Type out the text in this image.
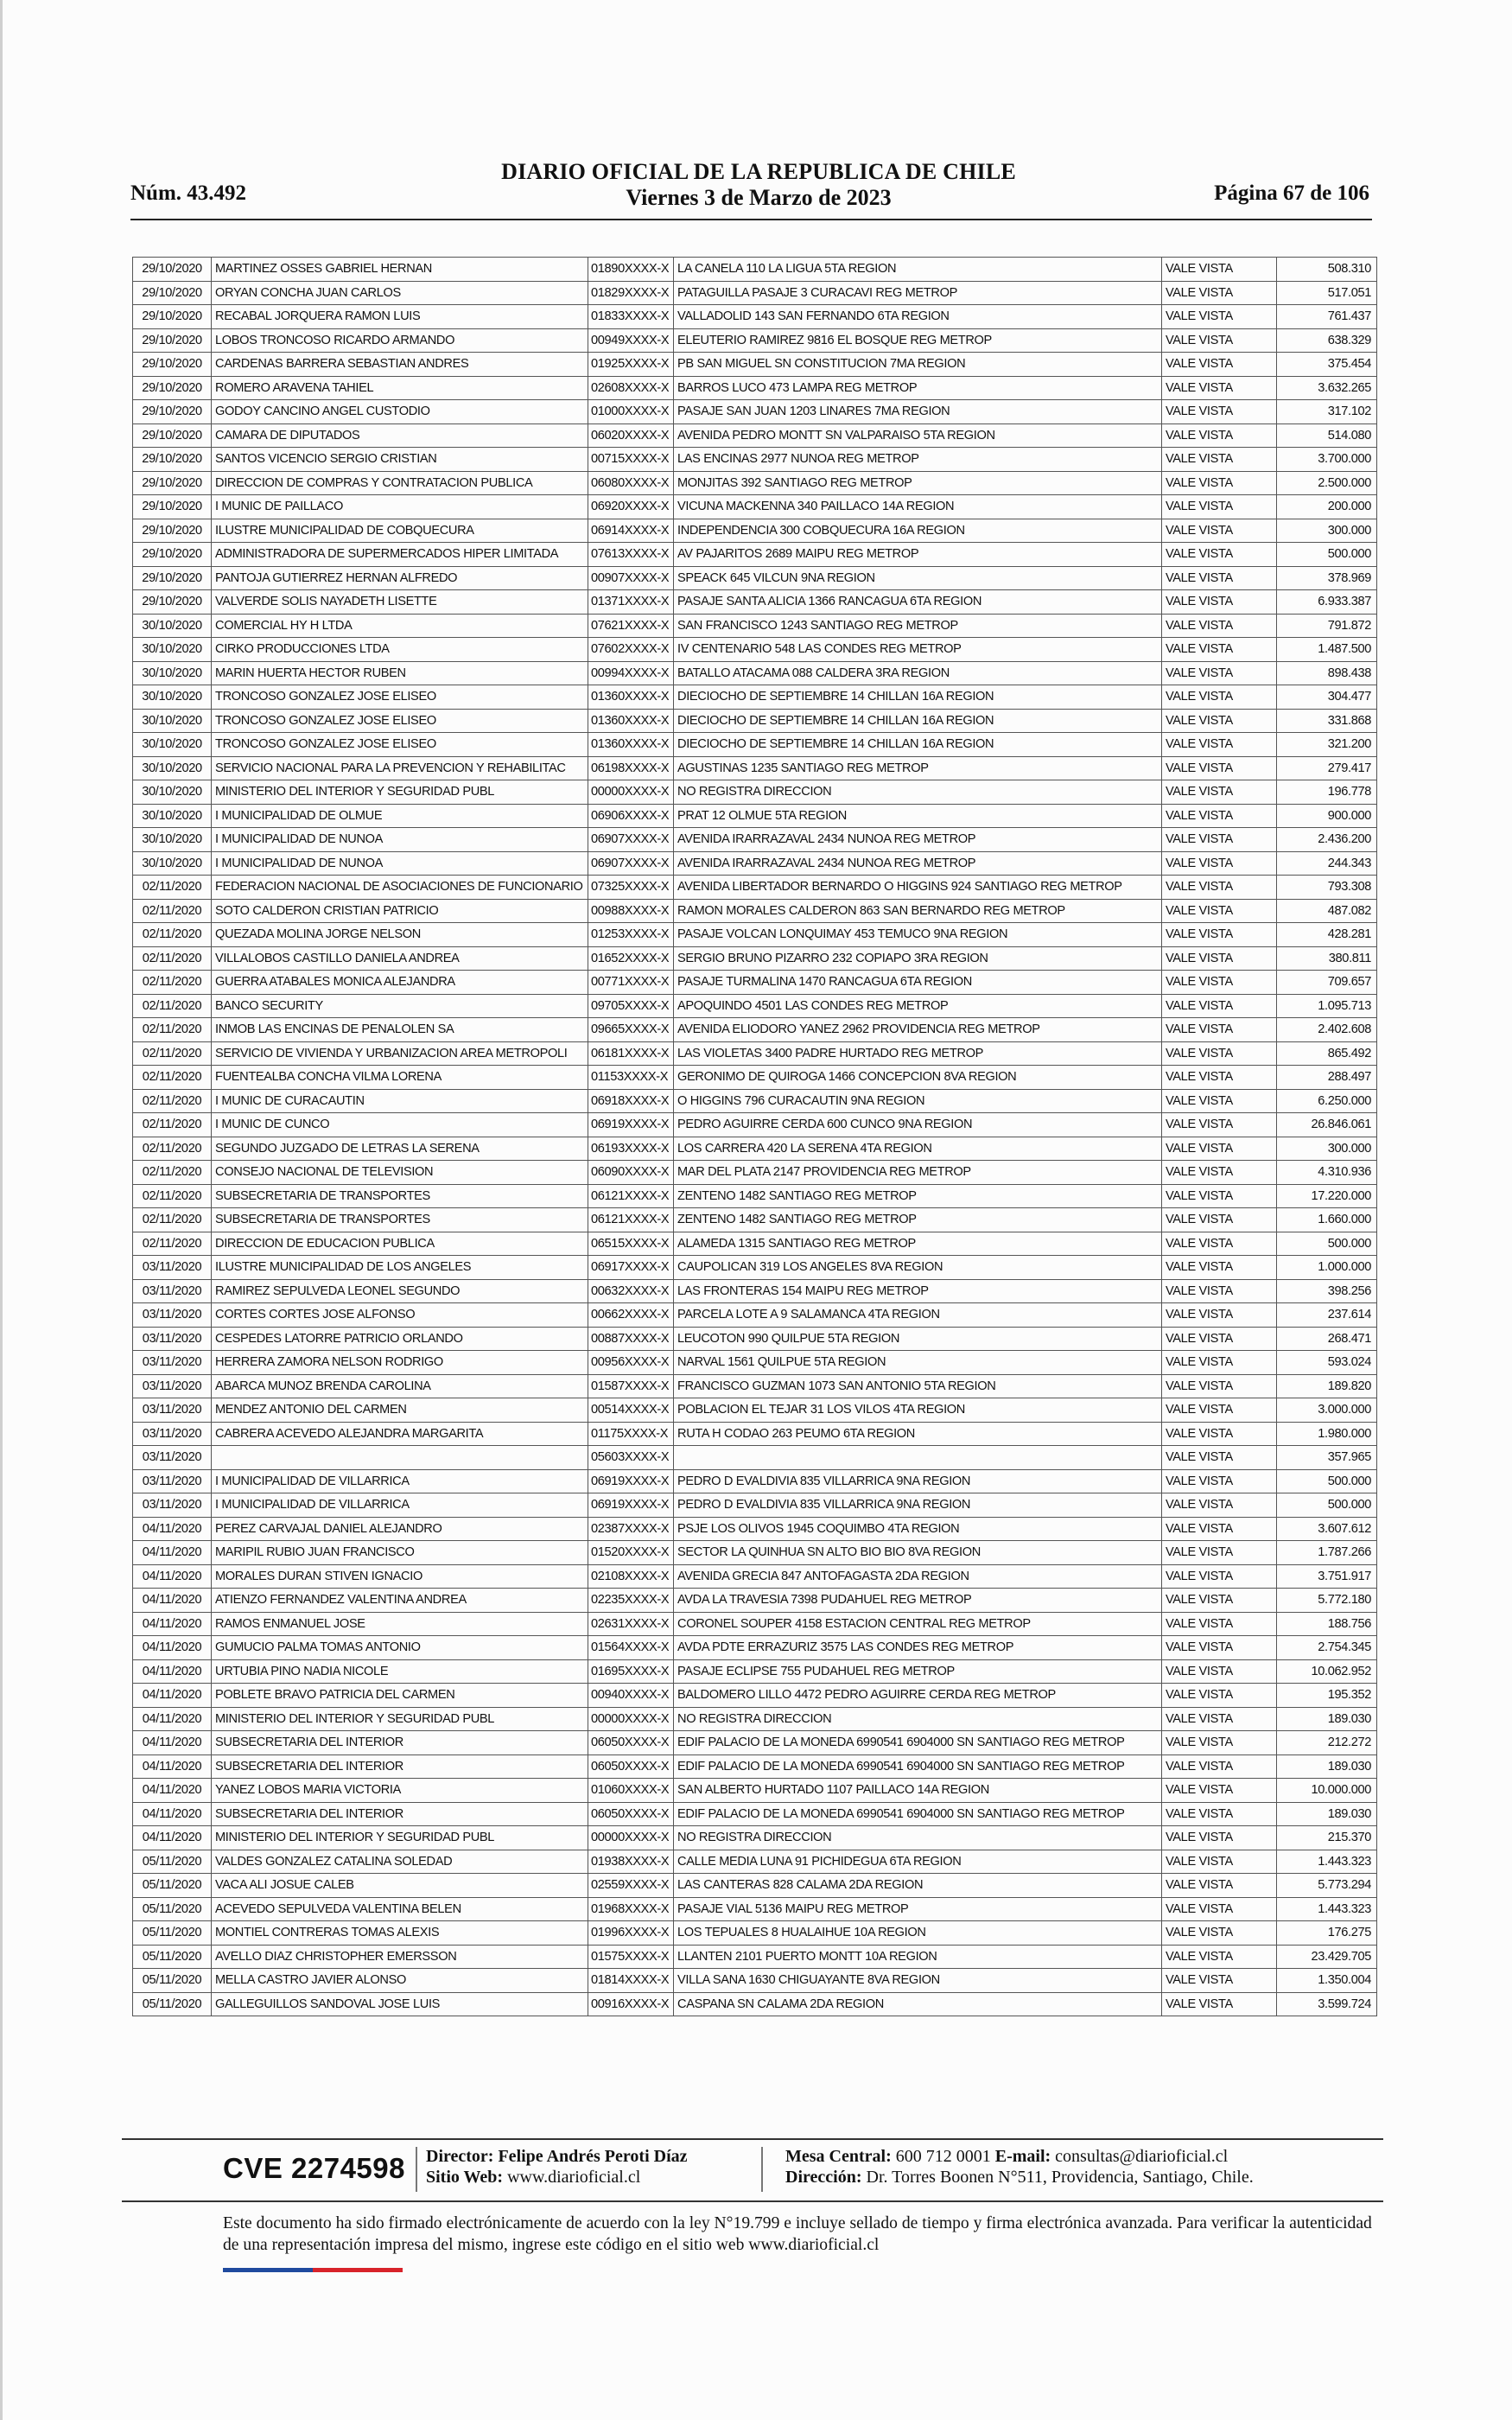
Núm. 43.492
DIARIO OFICIAL DE LA REPUBLICA DE CHILE
Viernes 3 de Marzo de 2023	Página 67 de 106
29/10/2020	MARTINEZ OSSES GABRIEL HERNAN	01890XXXX-X	LA CANELA 110 LA LIGUA 5TA REGION	VALE VISTA	508.310
29/10/2020	ORYAN CONCHA JUAN CARLOS	01829XXXX-X	PATAGUILLA PASAJE 3 CURACAVI REG METROP	VALE VISTA	517.051
29/10/2020	RECABAL JORQUERA RAMON LUIS	01833XXXX-X	VALLADOLID 143 SAN FERNANDO 6TA REGION	VALE VISTA	761.437
29/10/2020	LOBOS TRONCOSO RICARDO ARMANDO	00949XXXX-X	ELEUTERIO RAMIREZ 9816 EL BOSQUE REG METROP	VALE VISTA	638.329
29/10/2020	CARDENAS BARRERA SEBASTIAN ANDRES	01925XXXX-X	PB SAN MIGUEL SN CONSTITUCION 7MA REGION	VALE VISTA	375.454
29/10/2020	ROMERO ARAVENA TAHIEL	02608XXXX-X	BARROS LUCO 473 LAMPA REG METROP	VALE VISTA	3.632.265
29/10/2020	GODOY CANCINO ANGEL CUSTODIO	01000XXXX-X	PASAJE SAN JUAN 1203 LINARES 7MA REGION	VALE VISTA	317.102
29/10/2020	CAMARA DE DIPUTADOS	06020XXXX-X	AVENIDA PEDRO MONTT SN VALPARAISO 5TA REGION	VALE VISTA	514.080
29/10/2020	SANTOS VICENCIO SERGIO CRISTIAN	00715XXXX-X	LAS ENCINAS 2977 NUNOA REG METROP	VALE VISTA	3.700.000
29/10/2020	DIRECCION DE COMPRAS Y CONTRATACION PUBLICA	06080XXXX-X	MONJITAS 392 SANTIAGO REG METROP	VALE VISTA	2.500.000
29/10/2020	I MUNIC DE PAILLACO	06920XXXX-X	VICUNA MACKENNA 340 PAILLACO 14A REGION	VALE VISTA	200.000
29/10/2020	ILUSTRE MUNICIPALIDAD DE COBQUECURA	06914XXXX-X	INDEPENDENCIA 300 COBQUECURA 16A REGION	VALE VISTA	300.000
29/10/2020	ADMINISTRADORA DE SUPERMERCADOS HIPER LIMITADA	07613XXXX-X	AV PAJARITOS 2689 MAIPU REG METROP	VALE VISTA	500.000
29/10/2020	PANTOJA GUTIERREZ HERNAN ALFREDO	00907XXXX-X	SPEACK 645 VILCUN 9NA REGION	VALE VISTA	378.969
29/10/2020	VALVERDE SOLIS NAYADETH LISETTE	01371XXXX-X	PASAJE SANTA ALICIA 1366 RANCAGUA 6TA REGION	VALE VISTA	6.933.387
30/10/2020	COMERCIAL HY H LTDA	07621XXXX-X	SAN FRANCISCO 1243 SANTIAGO REG METROP	VALE VISTA	791.872
30/10/2020	CIRKO PRODUCCIONES LTDA	07602XXXX-X	IV CENTENARIO 548 LAS CONDES REG METROP	VALE VISTA	1.487.500
30/10/2020	MARIN HUERTA HECTOR RUBEN	00994XXXX-X	BATALLO ATACAMA 088 CALDERA 3RA REGION	VALE VISTA	898.438
30/10/2020	TRONCOSO GONZALEZ JOSE ELISEO	01360XXXX-X	DIECIOCHO DE SEPTIEMBRE 14 CHILLAN 16A REGION	VALE VISTA	304.477
30/10/2020	TRONCOSO GONZALEZ JOSE ELISEO	01360XXXX-X	DIECIOCHO DE SEPTIEMBRE 14 CHILLAN 16A REGION	VALE VISTA	331.868
30/10/2020	TRONCOSO GONZALEZ JOSE ELISEO	01360XXXX-X	DIECIOCHO DE SEPTIEMBRE 14 CHILLAN 16A REGION	VALE VISTA	321.200
30/10/2020	SERVICIO NACIONAL PARA LA PREVENCION Y REHABILITAC	06198XXXX-X	AGUSTINAS 1235 SANTIAGO REG METROP	VALE VISTA	279.417
30/10/2020	MINISTERIO DEL INTERIOR Y SEGURIDAD PUBL	00000XXXX-X	NO REGISTRA DIRECCION	VALE VISTA	196.778
30/10/2020	I MUNICIPALIDAD DE OLMUE	06906XXXX-X	PRAT 12 OLMUE 5TA REGION	VALE VISTA	900.000
30/10/2020	I MUNICIPALIDAD DE NUNOA	06907XXXX-X	AVENIDA IRARRAZAVAL 2434 NUNOA REG METROP	VALE VISTA	2.436.200
30/10/2020	I MUNICIPALIDAD DE NUNOA	06907XXXX-X	AVENIDA IRARRAZAVAL 2434 NUNOA REG METROP	VALE VISTA	244.343
02/11/2020	FEDERACION NACIONAL DE ASOCIACIONES DE FUNCIONARIO	07325XXXX-X	AVENIDA LIBERTADOR BERNARDO O HIGGINS 924 SANTIAGO REG METROP	VALE VISTA	793.308
02/11/2020	SOTO CALDERON CRISTIAN PATRICIO	00988XXXX-X	RAMON MORALES CALDERON 863 SAN BERNARDO REG METROP	VALE VISTA	487.082
02/11/2020	QUEZADA MOLINA JORGE NELSON	01253XXXX-X	PASAJE VOLCAN LONQUIMAY 453 TEMUCO 9NA REGION	VALE VISTA	428.281
02/11/2020	VILLALOBOS CASTILLO DANIELA ANDREA	01652XXXX-X	SERGIO BRUNO PIZARRO 232 COPIAPO 3RA REGION	VALE VISTA	380.811
02/11/2020	GUERRA ATABALES MONICA ALEJANDRA	00771XXXX-X	PASAJE TURMALINA 1470 RANCAGUA 6TA REGION	VALE VISTA	709.657
02/11/2020	BANCO SECURITY	09705XXXX-X	APOQUINDO 4501 LAS CONDES REG METROP	VALE VISTA	1.095.713
02/11/2020	INMOB LAS ENCINAS DE PENALOLEN SA	09665XXXX-X	AVENIDA ELIODORO YANEZ 2962 PROVIDENCIA REG METROP	VALE VISTA	2.402.608
02/11/2020	SERVICIO DE VIVIENDA Y URBANIZACION AREA METROPOLI	06181XXXX-X	LAS VIOLETAS 3400 PADRE HURTADO REG METROP	VALE VISTA	865.492
02/11/2020	FUENTEALBA CONCHA VILMA LORENA	01153XXXX-X	GERONIMO DE QUIROGA 1466 CONCEPCION 8VA REGION	VALE VISTA	288.497
02/11/2020	I MUNIC DE CURACAUTIN	06918XXXX-X	O HIGGINS 796 CURACAUTIN 9NA REGION	VALE VISTA	6.250.000
02/11/2020	I MUNIC DE CUNCO	06919XXXX-X	PEDRO AGUIRRE CERDA 600 CUNCO 9NA REGION	VALE VISTA	26.846.061
02/11/2020	SEGUNDO JUZGADO DE LETRAS LA SERENA	06193XXXX-X	LOS CARRERA 420 LA SERENA 4TA REGION	VALE VISTA	300.000
02/11/2020	CONSEJO NACIONAL DE TELEVISION	06090XXXX-X	MAR DEL PLATA 2147 PROVIDENCIA REG METROP	VALE VISTA	4.310.936
02/11/2020	SUBSECRETARIA DE TRANSPORTES	06121XXXX-X	ZENTENO 1482 SANTIAGO REG METROP	VALE VISTA	17.220.000
02/11/2020	SUBSECRETARIA DE TRANSPORTES	06121XXXX-X	ZENTENO 1482 SANTIAGO REG METROP	VALE VISTA	1.660.000
02/11/2020	DIRECCION DE EDUCACION PUBLICA	06515XXXX-X	ALAMEDA 1315 SANTIAGO REG METROP	VALE VISTA	500.000
03/11/2020	ILUSTRE MUNICIPALIDAD DE LOS ANGELES	06917XXXX-X	CAUPOLICAN 319 LOS ANGELES 8VA REGION	VALE VISTA	1.000.000
03/11/2020	RAMIREZ SEPULVEDA LEONEL SEGUNDO	00632XXXX-X	LAS FRONTERAS 154 MAIPU REG METROP	VALE VISTA	398.256
03/11/2020	CORTES CORTES JOSE ALFONSO	00662XXXX-X	PARCELA LOTE A 9 SALAMANCA 4TA REGION	VALE VISTA	237.614
03/11/2020	CESPEDES LATORRE PATRICIO ORLANDO	00887XXXX-X	LEUCOTON 990 QUILPUE 5TA REGION	VALE VISTA	268.471
03/11/2020	HERRERA ZAMORA NELSON RODRIGO	00956XXXX-X	NARVAL 1561 QUILPUE 5TA REGION	VALE VISTA	593.024
03/11/2020	ABARCA MUNOZ BRENDA CAROLINA	01587XXXX-X	FRANCISCO GUZMAN 1073 SAN ANTONIO 5TA REGION	VALE VISTA	189.820
03/11/2020	MENDEZ ANTONIO DEL CARMEN	00514XXXX-X	POBLACION EL TEJAR 31 LOS VILOS 4TA REGION	VALE VISTA	3.000.000
03/11/2020	CABRERA ACEVEDO ALEJANDRA MARGARITA	01175XXXX-X	RUTA H CODAO 263 PEUMO 6TA REGION	VALE VISTA	1.980.000
03/11/2020		05603XXXX-X		VALE VISTA	357.965
03/11/2020	I MUNICIPALIDAD DE VILLARRICA	06919XXXX-X	PEDRO D EVALDIVIA 835 VILLARRICA 9NA REGION	VALE VISTA	500.000
03/11/2020	I MUNICIPALIDAD DE VILLARRICA	06919XXXX-X	PEDRO D EVALDIVIA 835 VILLARRICA 9NA REGION	VALE VISTA	500.000
04/11/2020	PEREZ CARVAJAL DANIEL ALEJANDRO	02387XXXX-X	PSJE LOS OLIVOS 1945 COQUIMBO 4TA REGION	VALE VISTA	3.607.612
04/11/2020	MARIPIL RUBIO JUAN FRANCISCO	01520XXXX-X	SECTOR LA QUINHUA SN ALTO BIO BIO 8VA REGION	VALE VISTA	1.787.266
04/11/2020	MORALES DURAN STIVEN IGNACIO	02108XXXX-X	AVENIDA GRECIA 847 ANTOFAGASTA 2DA REGION	VALE VISTA	3.751.917
04/11/2020	ATIENZO FERNANDEZ VALENTINA ANDREA	02235XXXX-X	AVDA LA TRAVESIA 7398 PUDAHUEL REG METROP	VALE VISTA	5.772.180
04/11/2020	RAMOS ENMANUEL JOSE	02631XXXX-X	CORONEL SOUPER 4158 ESTACION CENTRAL REG METROP	VALE VISTA	188.756
04/11/2020	GUMUCIO PALMA TOMAS ANTONIO	01564XXXX-X	AVDA PDTE ERRAZURIZ 3575 LAS CONDES REG METROP	VALE VISTA	2.754.345
04/11/2020	URTUBIA PINO NADIA NICOLE	01695XXXX-X	PASAJE ECLIPSE 755 PUDAHUEL REG METROP	VALE VISTA	10.062.952
04/11/2020	POBLETE BRAVO PATRICIA DEL CARMEN	00940XXXX-X	BALDOMERO LILLO 4472 PEDRO AGUIRRE CERDA REG METROP	VALE VISTA	195.352
04/11/2020	MINISTERIO DEL INTERIOR Y SEGURIDAD PUBL	00000XXXX-X	NO REGISTRA DIRECCION	VALE VISTA	189.030
04/11/2020	SUBSECRETARIA DEL INTERIOR	06050XXXX-X	EDIF PALACIO DE LA MONEDA 6990541 6904000 SN SANTIAGO REG METROP	VALE VISTA	212.272
04/11/2020	SUBSECRETARIA DEL INTERIOR	06050XXXX-X	EDIF PALACIO DE LA MONEDA 6990541 6904000 SN SANTIAGO REG METROP	VALE VISTA	189.030
04/11/2020	YANEZ LOBOS MARIA VICTORIA	01060XXXX-X	SAN ALBERTO HURTADO 1107 PAILLACO 14A REGION	VALE VISTA	10.000.000
04/11/2020	SUBSECRETARIA DEL INTERIOR	06050XXXX-X	EDIF PALACIO DE LA MONEDA 6990541 6904000 SN SANTIAGO REG METROP	VALE VISTA	189.030
04/11/2020	MINISTERIO DEL INTERIOR Y SEGURIDAD PUBL	00000XXXX-X	NO REGISTRA DIRECCION	VALE VISTA	215.370
05/11/2020	VALDES GONZALEZ CATALINA SOLEDAD	01938XXXX-X	CALLE MEDIA LUNA 91 PICHIDEGUA 6TA REGION	VALE VISTA	1.443.323
05/11/2020	VACA ALI JOSUE CALEB	02559XXXX-X	LAS CANTERAS 828 CALAMA 2DA REGION	VALE VISTA	5.773.294
05/11/2020	ACEVEDO SEPULVEDA VALENTINA BELEN	01968XXXX-X	PASAJE VIAL 5136 MAIPU REG METROP	VALE VISTA	1.443.323
05/11/2020	MONTIEL CONTRERAS TOMAS ALEXIS	01996XXXX-X	LOS TEPUALES 8 HUALAIHUE 10A REGION	VALE VISTA	176.275
05/11/2020	AVELLO DIAZ CHRISTOPHER EMERSSON	01575XXXX-X	LLANTEN 2101 PUERTO MONTT 10A REGION	VALE VISTA	23.429.705
05/11/2020	MELLA CASTRO JAVIER ALONSO	01814XXXX-X	VILLA SANA 1630 CHIGUAYANTE 8VA REGION	VALE VISTA	1.350.004
05/11/2020	GALLEGUILLOS SANDOVAL JOSE LUIS	00916XXXX-X	CASPANA SN CALAMA 2DA REGION	VALE VISTA	3.599.724
CVE 2274598 Director: Felipe Andrés Peroti Díaz
Sitio Web: www.diarioficial.cl
Mesa Central: 600 712 0001 E-mail: consultas@diarioficial.cl
Dirección: Dr. Torres Boonen N°511, Providencia, Santiago, Chile.
Este documento ha sido firmado electrónicamente de acuerdo con la ley N°19.799 e incluye sellado de tiempo y firma electrónica avanzada. Para verificar la autenticidad de una representación impresa del mismo, ingrese este código en el sitio web www.diarioficial.cl
